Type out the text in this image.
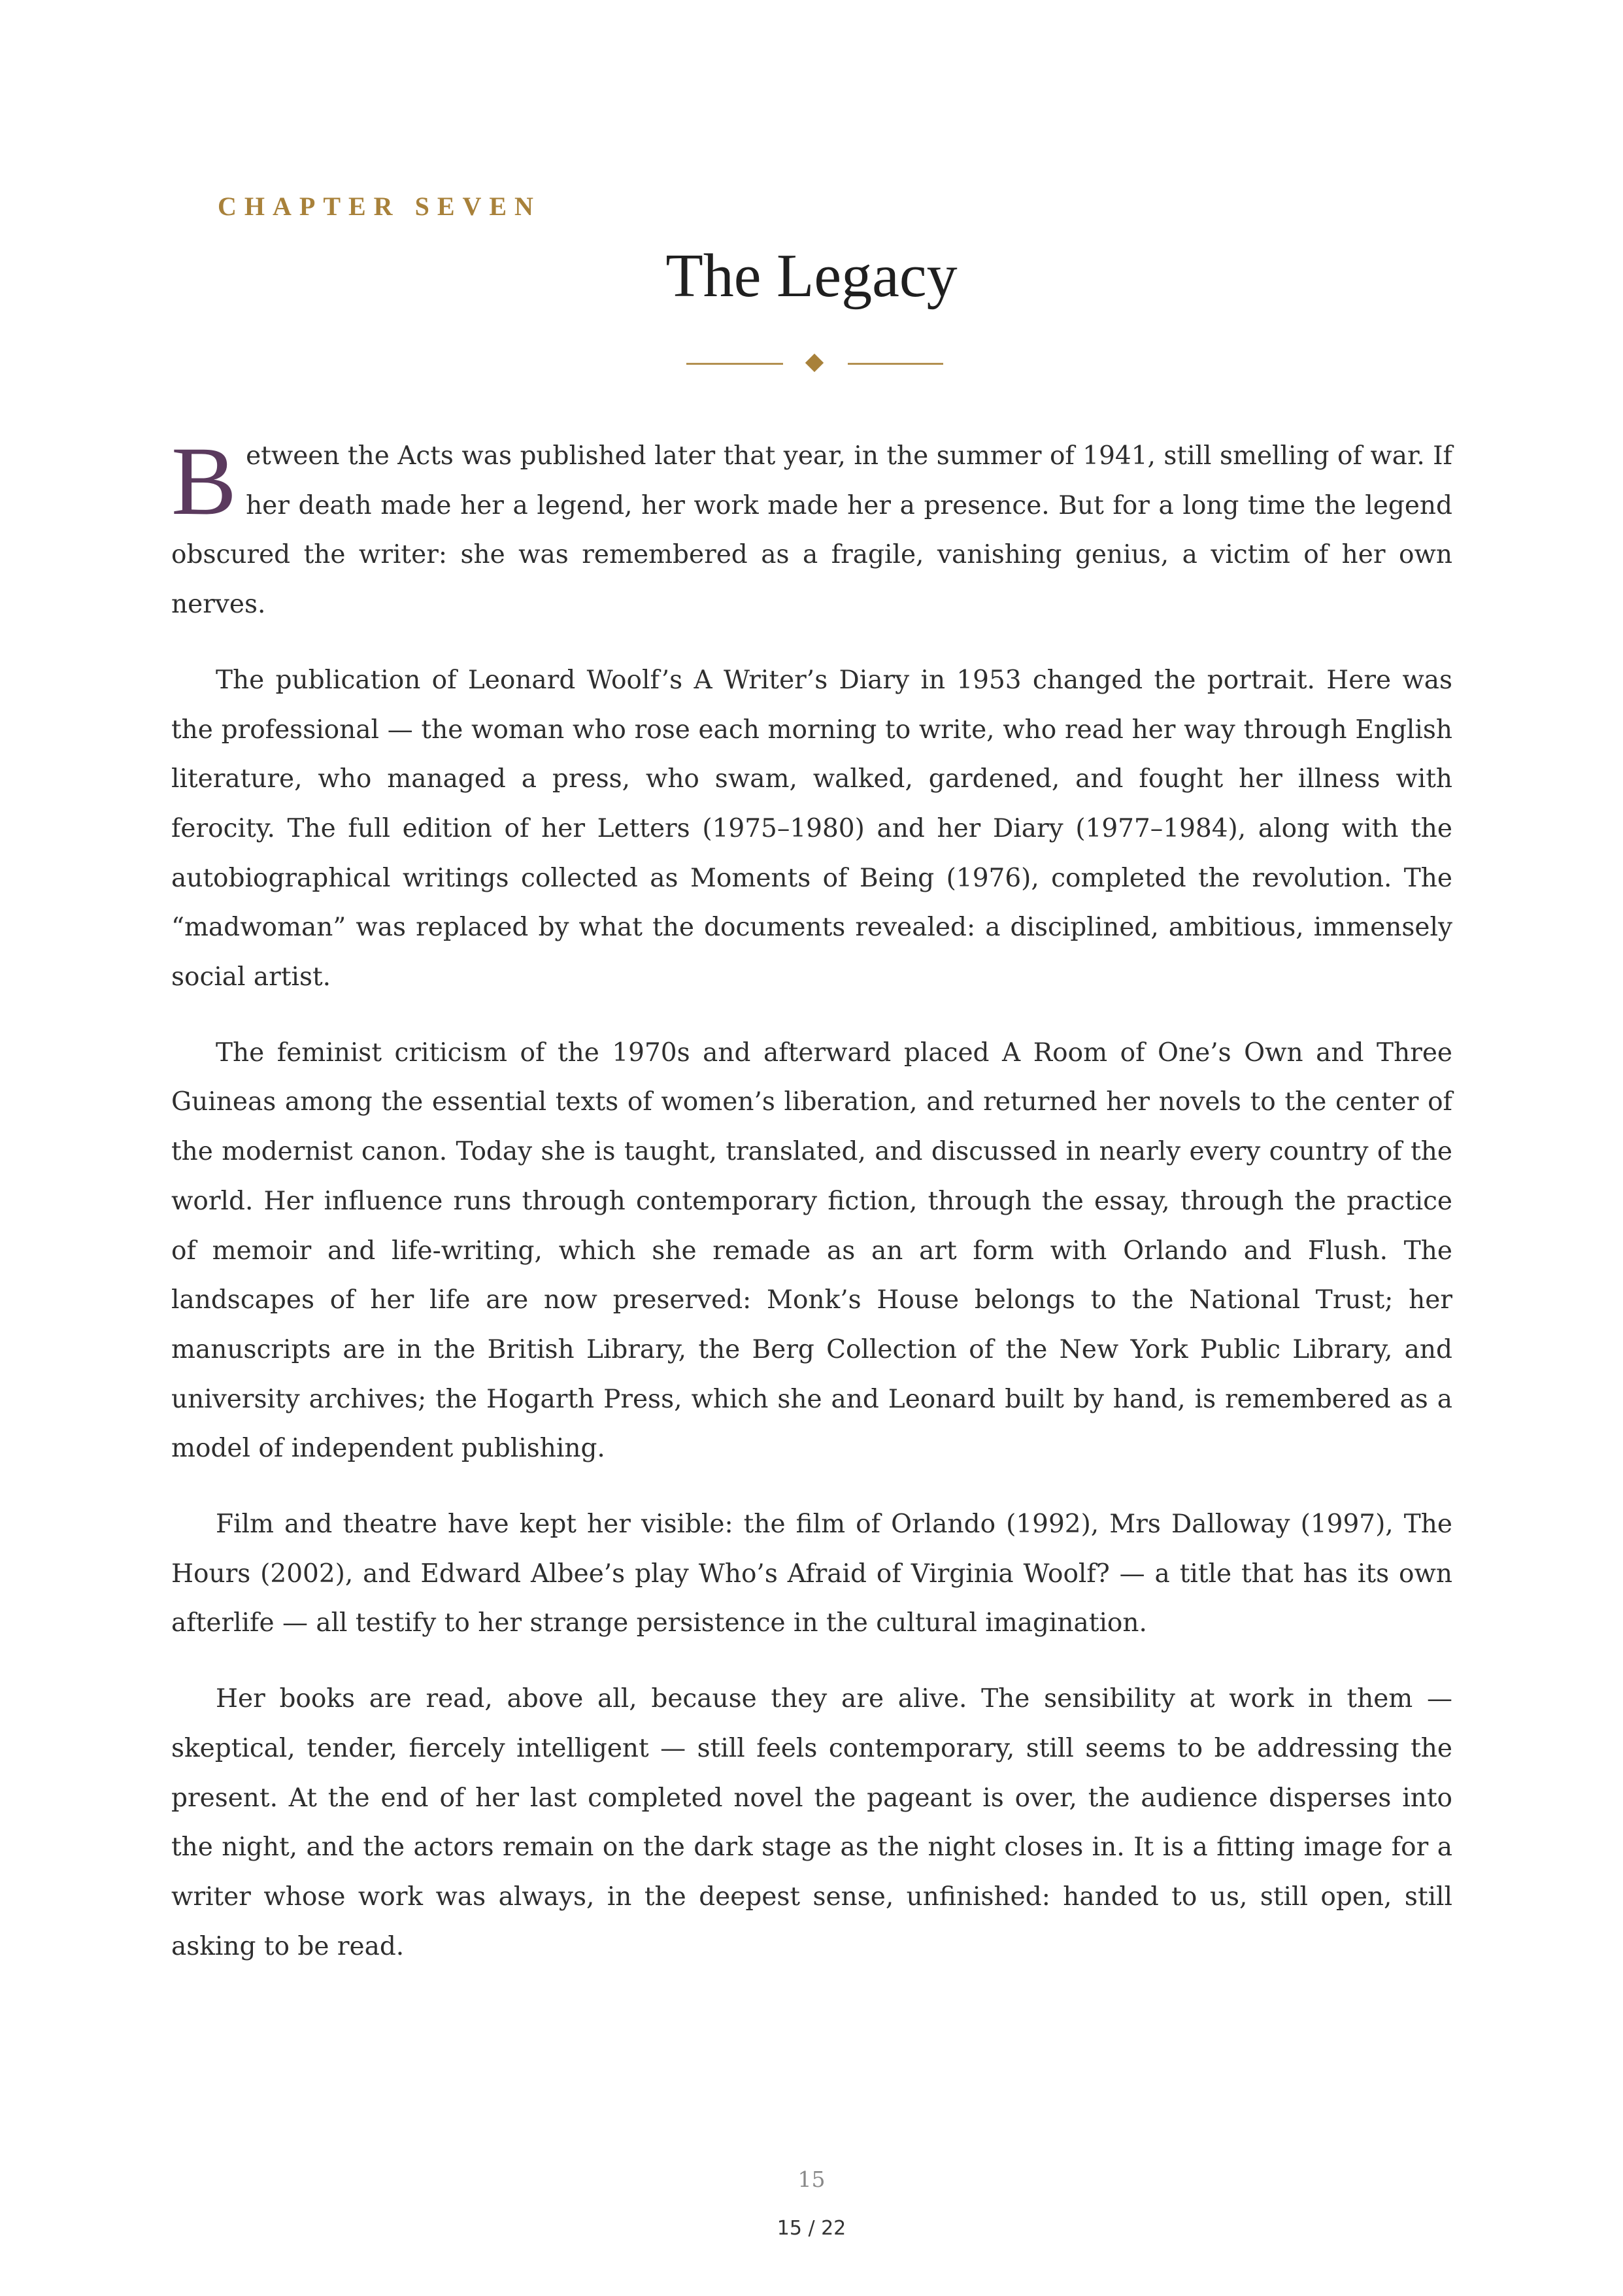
CHAPTER SEVEN
The Legacy

Between the Acts was published later that year, in the summer of 1941, still smelling of war. If her death made her a legend, her work made her a presence. But for a long time the legend obscured the writer: she was remembered as a fragile, vanishing genius, a victim of her own nerves.

The publication of Leonard Woolf’s A Writer’s Diary in 1953 changed the portrait. Here was the professional — the woman who rose each morning to write, who read her way through English literature, who managed a press, who swam, walked, gardened, and fought her illness with ferocity. The full edition of her Letters (1975–1980) and her Diary (1977–1984), along with the autobiographical writings collected as Moments of Being (1976), completed the revolution. The “madwoman” was replaced by what the documents revealed: a disciplined, ambitious, immensely social artist.

The feminist criticism of the 1970s and afterward placed A Room of One’s Own and Three Guineas among the essential texts of women’s liberation, and returned her novels to the center of the modernist canon. Today she is taught, translated, and discussed in nearly every country of the world. Her influence runs through contemporary fiction, through the essay, through the practice of memoir and life-writing, which she remade as an art form with Orlando and Flush. The landscapes of her life are now preserved: Monk’s House belongs to the National Trust; her manuscripts are in the British Library, the Berg Collection of the New York Public Library, and university archives; the Hogarth Press, which she and Leonard built by hand, is remembered as a model of independent publishing.

Film and theatre have kept her visible: the film of Orlando (1992), Mrs Dalloway (1997), The Hours (2002), and Edward Albee’s play Who’s Afraid of Virginia Woolf? — a title that has its own afterlife — all testify to her strange persistence in the cultural imagination.

Her books are read, above all, because they are alive. The sensibility at work in them — skeptical, tender, fiercely intelligent — still feels contemporary, still seems to be addressing the present. At the end of her last completed novel the pageant is over, the audience disperses into the night, and the actors remain on the dark stage as the night closes in. It is a fitting image for a writer whose work was always, in the deepest sense, unfinished: handed to us, still open, still asking to be read.

15
15 / 22
